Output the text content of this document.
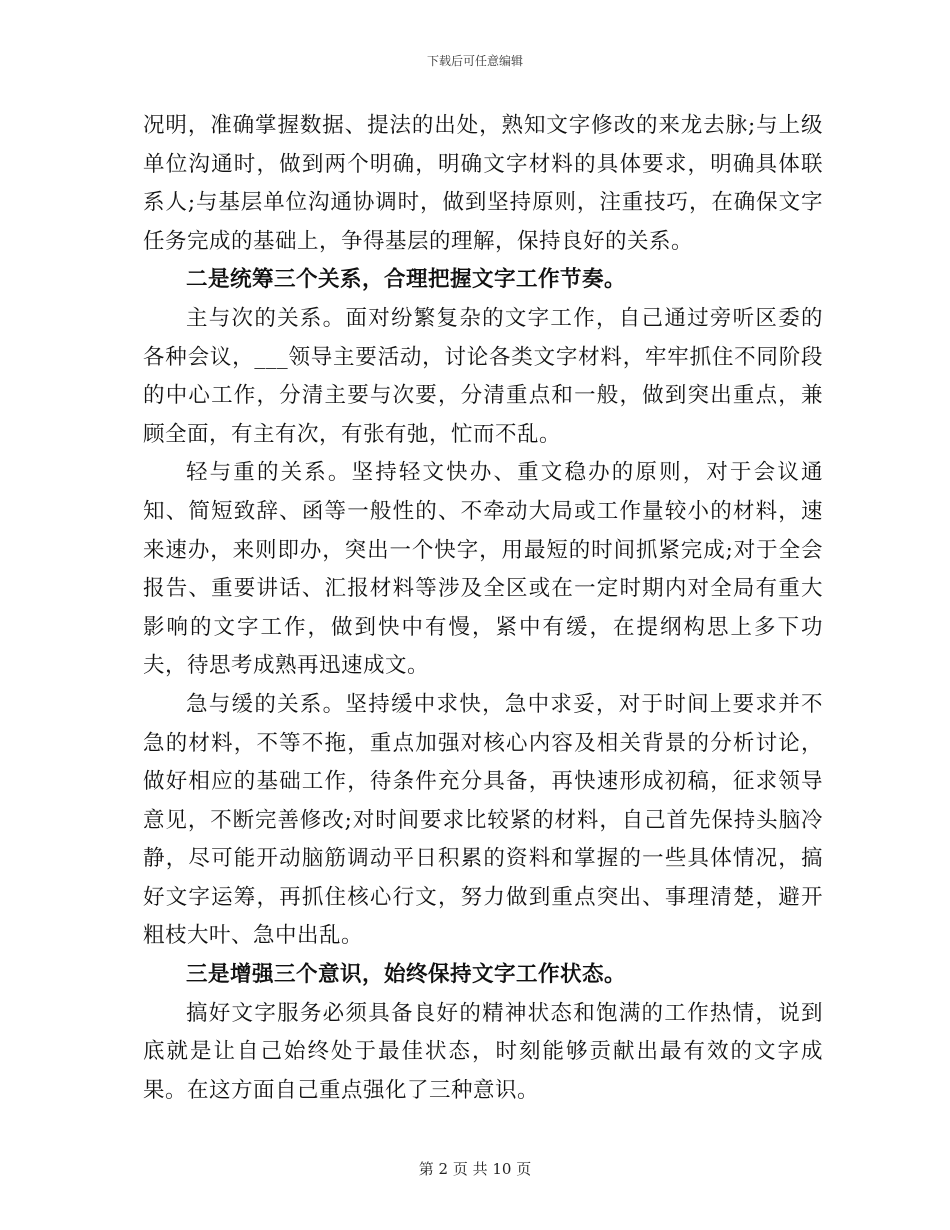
下载后可任意编辑

况明，准确掌握数据、提法的出处，熟知文字修改的来龙去脉;与上级单位沟通时，做到两个明确，明确文字材料的具体要求，明确具体联系人;与基层单位沟通协调时，做到坚持原则，注重技巧，在确保文字任务完成的基础上，争得基层的理解，保持良好的关系。

二是统筹三个关系，合理把握文字工作节奏。

主与次的关系。面对纷繁复杂的文字工作，自己通过旁听区委的各种会议，___领导主要活动，讨论各类文字材料，牢牢抓住不同阶段的中心工作，分清主要与次要，分清重点和一般，做到突出重点，兼顾全面，有主有次，有张有弛，忙而不乱。

轻与重的关系。坚持轻文快办、重文稳办的原则，对于会议通知、简短致辞、函等一般性的、不牵动大局或工作量较小的材料，速来速办，来则即办，突出一个快字，用最短的时间抓紧完成;对于全会报告、重要讲话、汇报材料等涉及全区或在一定时期内对全局有重大影响的文字工作，做到快中有慢，紧中有缓，在提纲构思上多下功夫，待思考成熟再迅速成文。

急与缓的关系。坚持缓中求快，急中求妥，对于时间上要求并不急的材料，不等不拖，重点加强对核心内容及相关背景的分析讨论，做好相应的基础工作，待条件充分具备，再快速形成初稿，征求领导意见，不断完善修改;对时间要求比较紧的材料，自己首先保持头脑冷静，尽可能开动脑筋调动平日积累的资料和掌握的一些具体情况，搞好文字运筹，再抓住核心行文，努力做到重点突出、事理清楚，避开粗枝大叶、急中出乱。

三是增强三个意识，始终保持文字工作状态。

搞好文字服务必须具备良好的精神状态和饱满的工作热情，说到底就是让自己始终处于最佳状态，时刻能够贡献出最有效的文字成果。在这方面自己重点强化了三种意识。

第 2 页 共 10 页
